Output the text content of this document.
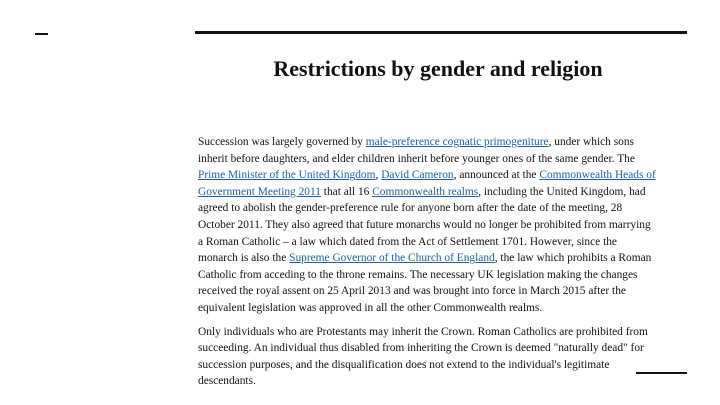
Restrictions by gender and religion

Succession was largely governed by male-preference cognatic primogeniture, under which sons
inherit before daughters, and elder children inherit before younger ones of the same gender. The
Prime Minister of the United Kingdom, David Cameron, announced at the Commonwealth Heads of
Government Meeting 2011 that all 16 Commonwealth realms, including the United Kingdom, had
agreed to abolish the gender-preference rule for anyone born after the date of the meeting, 28
October 2011. They also agreed that future monarchs would no longer be prohibited from marrying
a Roman Catholic – a law which dated from the Act of Settlement 1701. However, since the
monarch is also the Supreme Governor of the Church of England, the law which prohibits a Roman
Catholic from acceding to the throne remains. The necessary UK legislation making the changes
received the royal assent on 25 April 2013 and was brought into force in March 2015 after the
equivalent legislation was approved in all the other Commonwealth realms.

Only individuals who are Protestants may inherit the Crown. Roman Catholics are prohibited from
succeeding. An individual thus disabled from inheriting the Crown is deemed "naturally dead" for
succession purposes, and the disqualification does not extend to the individual's legitimate
descendants.
